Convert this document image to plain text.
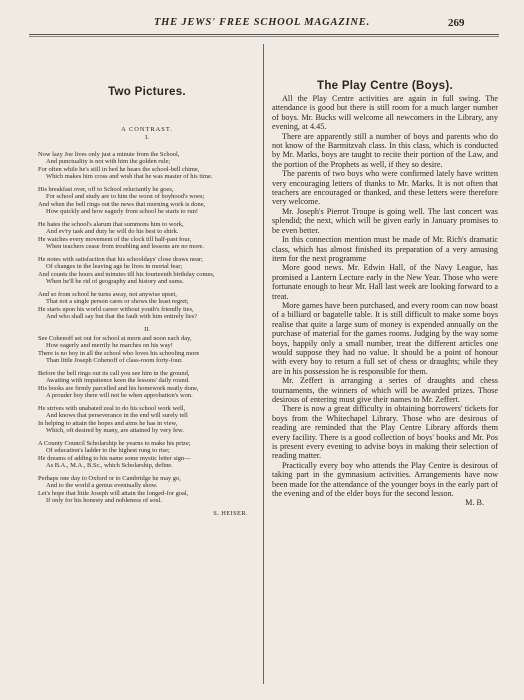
THE JEWS' FREE SCHOOL MAGAZINE.	269
Two Pictures.
A CONTRAST.
I.
Now lazy Joe lives only just a minute from the School,
And punctuality is not with him the golden rule;
For often while he's still in bed he hears the school-bell chime,
Which makes him cross and wish that he was master of his time.
His breakfast over, off to School reluctantly he goes,
For school and study are to him the worst of boyhood's woes;
And when the bell rings out the news that morning work is done,
How quickly and how eagerly from school he starts to run!
He hates the school's alarum that summons him to work,
And ev'ry task and duty he will do his best to shirk.
He watches every movement of the clock till half-past four,
When teachers cease from troubling and lessons are no more.
He notes with satisfaction that his schooldays' close draws near;
Of changes in the leaving age he lives in mortal fear;
And counts the hours and minutes till his fourteenth birthday comes,
When he'll be rid of geography and history and sums.
And so from school he turns away, not anywise upset,
That not a single person cares or shows the least regret;
He starts upon his world career without youth's friendly ties,
And who shall say but that the fault with him entirely lies?
II.
See Cohenoff set out for school at morn and noon each day,
How eagerly and merrily he marches on his way!
There is no boy in all the school who loves his schooling more
Than little Joseph Cohenoff of class-room forty-four.
Before the bell rings out its call you see him in the ground,
Awaiting with impatience keen the lessons' daily round.
His books are firmly parcelled and his homework neatly done,
A prouder boy there will not be when approbation's won.
He strives with unabated zeal to do his school work well,
And knows that perseverance in the end will surely tell
In helping to attain the hopes and aims he has in view,
Which, oft desired by many, are attained by very few.
A County Council Scholarship he yearns to make his prize;
Of education's ladder to the highest rung to rise;
He dreams of adding to his name some mystic letter sign—
As B.A., M.A., B.Sc., which Scholarship, define.
Perhaps one day to Oxford or to Cambridge he may go,
And to the world a genius eventually show.
Let's hope that little Joseph will attain the longed-for goal,
If only for his honesty and nobleness of soul.
S. HEISER.
The Play Centre (Boys).

All the Play Centre activities are again in full swing. The attendance is good but there is still room for a much larger number of boys. Mr. Bucks will welcome all newcomers in the Library, any evening, at 4.45.

There are apparently still a number of boys and parents who do not know of the Barmitzvah class. In this class, which is conducted by Mr. Marks, boys are taught to recite their portion of the Law, and the portion of the Prophets as well, if they so desire.

The parents of two boys who were confirmed lately have written very encouraging letters of thanks to Mr. Marks. It is not often that teachers are encouraged or thanked, and these letters were therefore very welcome.

Mr. Joseph's Pierrot Troupe is going well. The last concert was splendid; the next, which will be given early in January promises to be even better.

In this connection mention must be made of Mr. Rich's dramatic class, which has almost finished its preparation of a very amusing item for the next programme

More good news. Mr. Edwin Hall, of the Navy League, has promised a Lantern Lecture early in the New Year. Those who were fortunate enough to hear Mr. Hall last week are looking forward to a treat.

More games have been purchased, and every room can now boast of a billiard or bagatelle table. It is still difficult to make some boys realise that quite a large sum of money is expended annually on the purchase of material for the games rooms. Judging by the way some boys, happily only a small number, treat the different articles one would suppose they had no value. It should be a point of honour with every boy to return a full set of chess or draughts; while they are in his possession he is responsible for them.

Mr. Zeffert is arranging a series of draughts and chess tournaments, the winners of which will be awarded prizes. Those desirous of entering must give their names to Mr. Zeffert.

There is now a great difficulty in obtaining borrowers' tickets for boys from the Whitechapel Library. Those who are desirous of reading are reminded that the Play Centre Library affords them every facility. There is a good collection of boys' books and Mr. Pos is present every evening to advise boys in making their selection of reading matter.

Practically every boy who attends the Play Centre is desirous of taking part in the gymnasium activities. Arrangements have now been made for the attendance of the younger boys in the early part of the evening and of the elder boys for the second lesson.

M. B.
